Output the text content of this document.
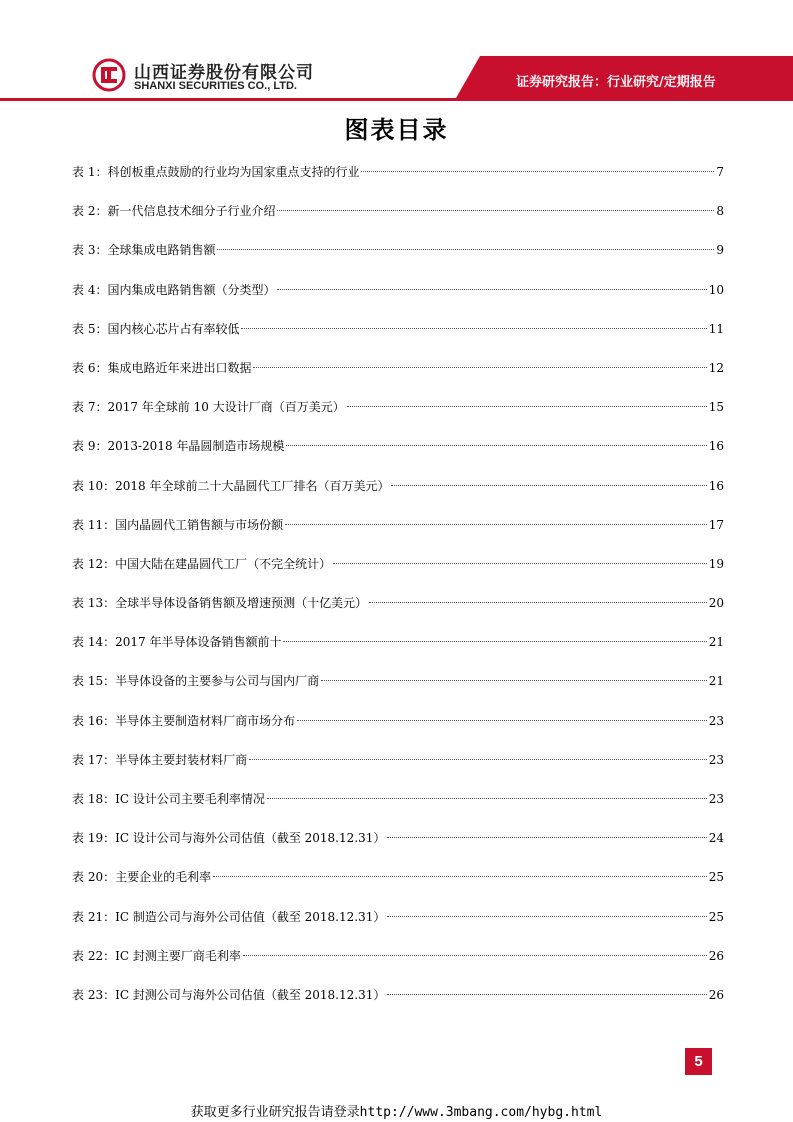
山西证券股份有限公司
SHANXI SECURITIES CO., LTD.	证券研究报告：行业研究/定期报告
图表目录
表 1：科创板重点鼓励的行业均为国家重点支持的行业	7
表 2：新一代信息技术细分子行业介绍	8
表 3：全球集成电路销售额	9
表 4：国内集成电路销售额（分类型）	10
表 5：国内核心芯片占有率较低	11
表 6：集成电路近年来进出口数据	12
表 7：2017 年全球前 10 大设计厂商（百万美元）	15
表 9：2013-2018 年晶圆制造市场规模	16
表 10：2018 年全球前二十大晶圆代工厂排名（百万美元）	16
表 11：国内晶圆代工销售额与市场份额	17
表 12：中国大陆在建晶圆代工厂（不完全统计）	19
表 13：全球半导体设备销售额及增速预测（十亿美元）	20
表 14：2017 年半导体设备销售额前十	21
表 15：半导体设备的主要参与公司与国内厂商	21
表 16：半导体主要制造材料厂商市场分布	23
表 17：半导体主要封装材料厂商	23
表 18：IC 设计公司主要毛利率情况	23
表 19：IC 设计公司与海外公司估值（截至 2018.12.31）	24
表 20：主要企业的毛利率	25
表 21：IC 制造公司与海外公司估值（截至 2018.12.31）	25
表 22：IC 封测主要厂商毛利率	26
表 23：IC 封测公司与海外公司估值（截至 2018.12.31）	26
5
获取更多行业研究报告请登录http://www.3mbang.com/hybg.html
